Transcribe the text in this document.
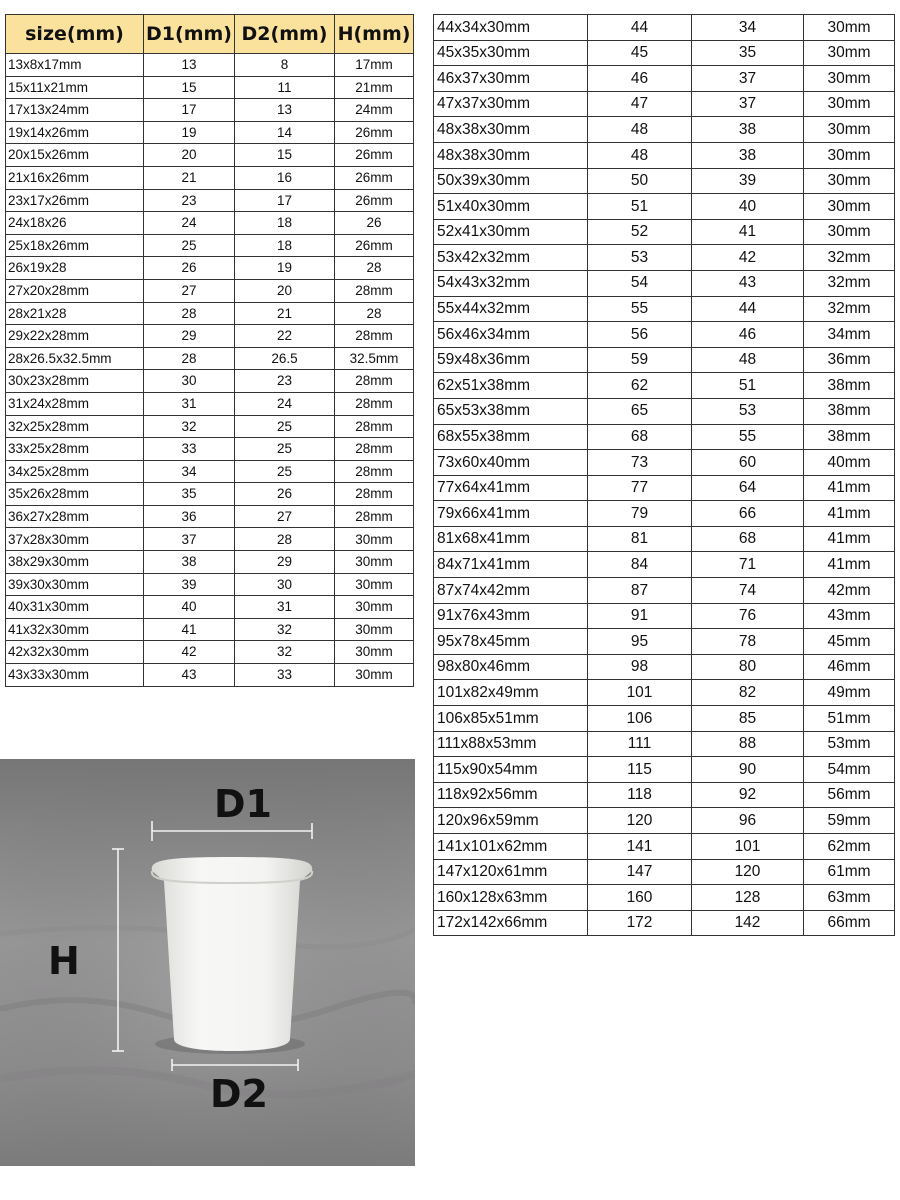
size(mm)	D1(mm)	D2(mm)	H(mm)
13x8x17mm	13	8	17mm
15x11x21mm	15	11	21mm
17x13x24mm	17	13	24mm
19x14x26mm	19	14	26mm
20x15x26mm	20	15	26mm
21x16x26mm	21	16	26mm
23x17x26mm	23	17	26mm
24x18x26	24	18	26
25x18x26mm	25	18	26mm
26x19x28	26	19	28
27x20x28mm	27	20	28mm
28x21x28	28	21	28
29x22x28mm	29	22	28mm
28x26.5x32.5mm	28	26.5	32.5mm
30x23x28mm	30	23	28mm
31x24x28mm	31	24	28mm
32x25x28mm	32	25	28mm
33x25x28mm	33	25	28mm
34x25x28mm	34	25	28mm
35x26x28mm	35	26	28mm
36x27x28mm	36	27	28mm
37x28x30mm	37	28	30mm
38x29x30mm	38	29	30mm
39x30x30mm	39	30	30mm
40x31x30mm	40	31	30mm
41x32x30mm	41	32	30mm
42x32x30mm	42	32	30mm
43x33x30mm	43	33	30mm
44x34x30mm	44	34	30mm
45x35x30mm	45	35	30mm
46x37x30mm	46	37	30mm
47x37x30mm	47	37	30mm
48x38x30mm	48	38	30mm
48x38x30mm	48	38	30mm
50x39x30mm	50	39	30mm
51x40x30mm	51	40	30mm
52x41x30mm	52	41	30mm
53x42x32mm	53	42	32mm
54x43x32mm	54	43	32mm
55x44x32mm	55	44	32mm
56x46x34mm	56	46	34mm
59x48x36mm	59	48	36mm
62x51x38mm	62	51	38mm
65x53x38mm	65	53	38mm
68x55x38mm	68	55	38mm
73x60x40mm	73	60	40mm
77x64x41mm	77	64	41mm
79x66x41mm	79	66	41mm
81x68x41mm	81	68	41mm
84x71x41mm	84	71	41mm
87x74x42mm	87	74	42mm
91x76x43mm	91	76	43mm
95x78x45mm	95	78	45mm
98x80x46mm	98	80	46mm
101x82x49mm	101	82	49mm
106x85x51mm	106	85	51mm
111x88x53mm	111	88	53mm
115x90x54mm	115	90	54mm
118x92x56mm	118	92	56mm
120x96x59mm	120	96	59mm
141x101x62mm	141	101	62mm
147x120x61mm	147	120	61mm
160x128x63mm	160	128	63mm
172x142x66mm	172	142	66mm
D1
H
D2
